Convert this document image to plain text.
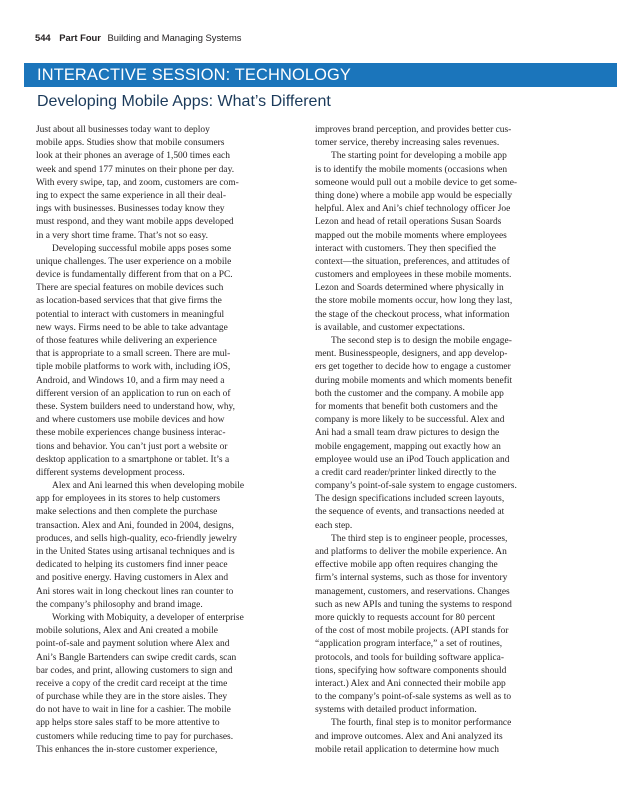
544 Part Four Building and Managing Systems
INTERACTIVE SESSION: TECHNOLOGY
Developing Mobile Apps: What’s Different
Just about all businesses today want to deploy
mobile apps. Studies show that mobile consumers
look at their phones an average of 1,500 times each
week and spend 177 minutes on their phone per day.
With every swipe, tap, and zoom, customers are com-
ing to expect the same experience in all their deal-
ings with businesses. Businesses today know they
must respond, and they want mobile apps developed
in a very short time frame. That’s not so easy.
Developing successful mobile apps poses some
unique challenges. The user experience on a mobile
device is fundamentally different from that on a PC.
There are special features on mobile devices such
as location-based services that that give firms the
potential to interact with customers in meaningful
new ways. Firms need to be able to take advantage
of those features while delivering an experience
that is appropriate to a small screen. There are mul-
tiple mobile platforms to work with, including iOS,
Android, and Windows 10, and a firm may need a
different version of an application to run on each of
these. System builders need to understand how, why,
and where customers use mobile devices and how
these mobile experiences change business interac-
tions and behavior. You can’t just port a website or
desktop application to a smartphone or tablet. It’s a
different systems development process.
Alex and Ani learned this when developing mobile
app for employees in its stores to help customers
make selections and then complete the purchase
transaction. Alex and Ani, founded in 2004, designs,
produces, and sells high-quality, eco-friendly jewelry
in the United States using artisanal techniques and is
dedicated to helping its customers find inner peace
and positive energy. Having customers in Alex and
Ani stores wait in long checkout lines ran counter to
the company’s philosophy and brand image.
Working with Mobiquity, a developer of enterprise
mobile solutions, Alex and Ani created a mobile
point-of-sale and payment solution where Alex and
Ani’s Bangle Bartenders can swipe credit cards, scan
bar codes, and print, allowing customers to sign and
receive a copy of the credit card receipt at the time
of purchase while they are in the store aisles. They
do not have to wait in line for a cashier. The mobile
app helps store sales staff to be more attentive to
customers while reducing time to pay for purchases.
This enhances the in-store customer experience,
improves brand perception, and provides better cus-
tomer service, thereby increasing sales revenues.
The starting point for developing a mobile app
is to identify the mobile moments (occasions when
someone would pull out a mobile device to get some-
thing done) where a mobile app would be especially
helpful. Alex and Ani’s chief technology officer Joe
Lezon and head of retail operations Susan Soards
mapped out the mobile moments where employees
interact with customers. They then specified the
context—the situation, preferences, and attitudes of
customers and employees in these mobile moments.
Lezon and Soards determined where physically in
the store mobile moments occur, how long they last,
the stage of the checkout process, what information
is available, and customer expectations.
The second step is to design the mobile engage-
ment. Businesspeople, designers, and app develop-
ers get together to decide how to engage a customer
during mobile moments and which moments benefit
both the customer and the company. A mobile app
for moments that benefit both customers and the
company is more likely to be successful. Alex and
Ani had a small team draw pictures to design the
mobile engagement, mapping out exactly how an
employee would use an iPod Touch application and
a credit card reader/printer linked directly to the
company’s point-of-sale system to engage customers.
The design specifications included screen layouts,
the sequence of events, and transactions needed at
each step.
The third step is to engineer people, processes,
and platforms to deliver the mobile experience. An
effective mobile app often requires changing the
firm’s internal systems, such as those for inventory
management, customers, and reservations. Changes
such as new APIs and tuning the systems to respond
more quickly to requests account for 80 percent
of the cost of most mobile projects. (API stands for
“application program interface,” a set of routines,
protocols, and tools for building software applica-
tions, specifying how software components should
interact.) Alex and Ani connected their mobile app
to the company’s point-of-sale systems as well as to
systems with detailed product information.
The fourth, final step is to monitor performance
and improve outcomes. Alex and Ani analyzed its
mobile retail application to determine how much
